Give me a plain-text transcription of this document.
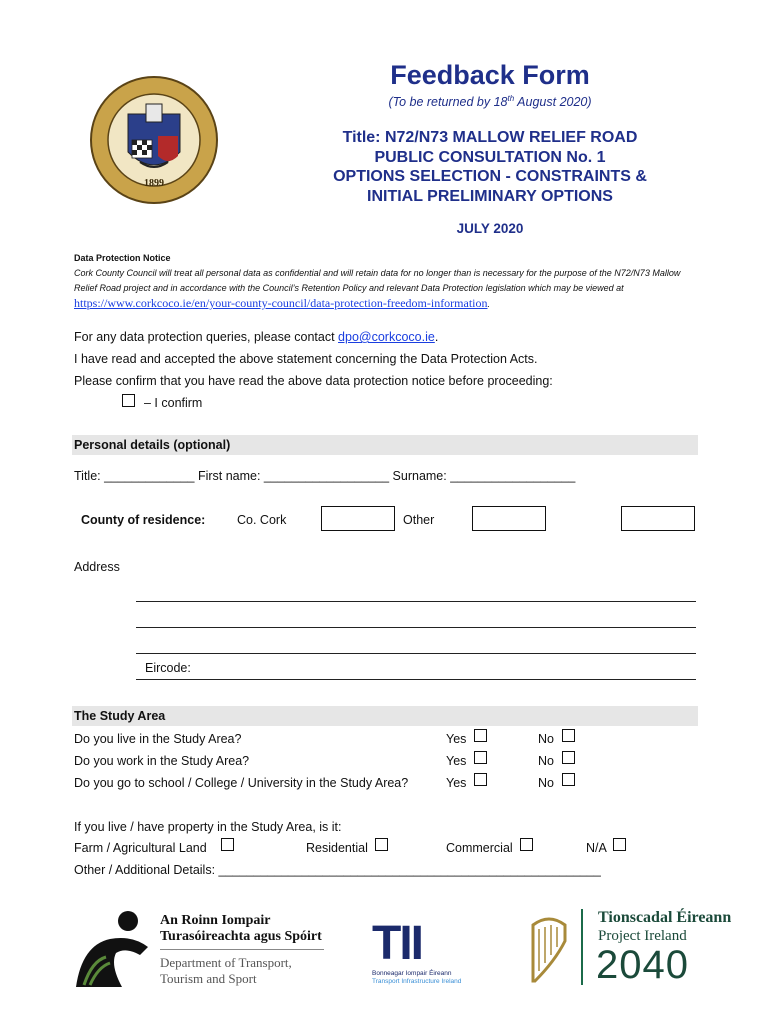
1899
Feedback Form
(To be returned by 18th August 2020)
Title: N72/N73 MALLOW RELIEF ROAD
PUBLIC CONSULTATION No. 1
OPTIONS SELECTION - CONSTRAINTS &
INITIAL PRELIMINARY OPTIONS
JULY 2020
Data Protection Notice
Cork County Council will treat all personal data as confidential and will retain data for no longer than is necessary for the purpose of the N72/N73 Mallow Relief Road project and in accordance with the Council’s Retention Policy and relevant Data Protection legislation which may be viewed at https://www.corkcoco.ie/en/your-county-council/data-protection-freedom-information.
For any data protection queries, please contact dpo@corkcoco.ie.
I have read and accepted the above statement concerning the Data Protection Acts.
Please confirm that you have read the above data protection notice before proceeding:
– I confirm
Personal details (optional)
Title: _____________ First name: __________________ Surname: __________________
County of residence:	Co. Cork	Other
Address
Eircode:
The Study Area
Do you live in the Study Area?	Yes	No
Do you work in the Study Area?	Yes	No
Do you go to school / College / University in the Study Area?	Yes	No
If you live / have property in the Study Area, is it:
Farm / Agricultural Land	Residential	Commercial	N/A
Other / Additional Details: _______________________________________________________
An Roinn Iompair
Turasóireachta agus Spóirt
Department of Transport,
Tourism and Sport
TII
Bonneagar Iompair Éireann
Transport Infrastructure Ireland
Tionscadal Éireann
Project Ireland
2040
